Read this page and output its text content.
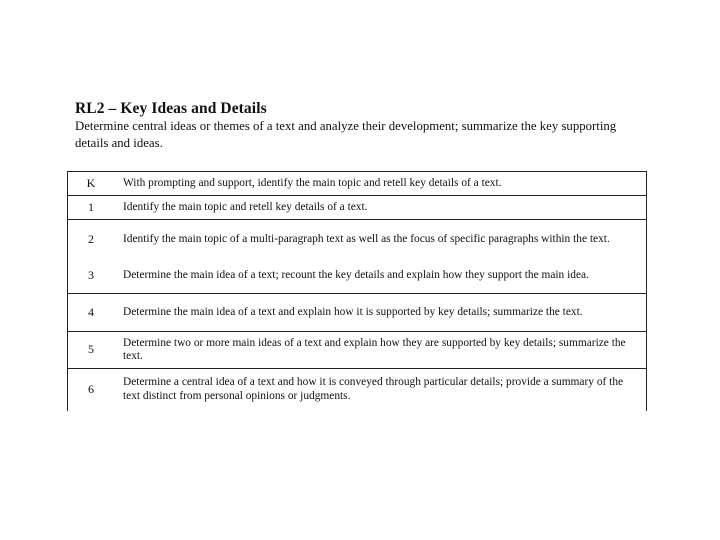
RL2 – Key Ideas and Details

Determine central ideas or themes of a text and analyze their development; summarize the key supporting details and ideas.

K	With prompting and support, identify the main topic and retell key details of a text.
1	Identify the main topic and retell key details of a text.
2	Identify the main topic of a multi-paragraph text as well as the focus of specific paragraphs within the text.
3	Determine the main idea of a text; recount the key details and explain how they support the main idea.
4	Determine the main idea of a text and explain how it is supported by key details; summarize the text.
5	Determine two or more main ideas of a text and explain how they are supported by key details; summarize the text.
6	Determine a central idea of a text and how it is conveyed through particular details; provide a summary of the text distinct from personal opinions or judgments.
